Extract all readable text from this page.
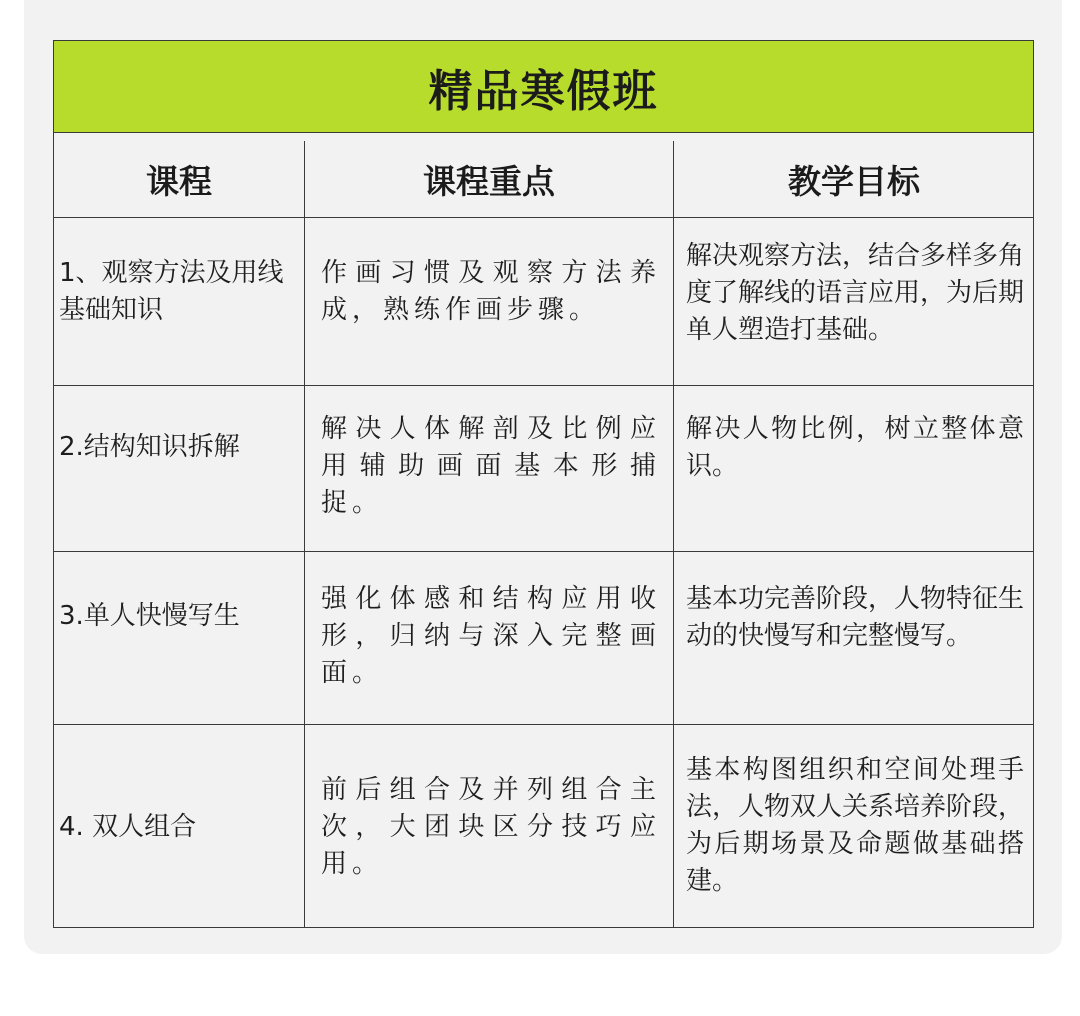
精品寒假班
课程	课程重点	教学目标
1、观察方法及用线基础知识
作画习惯及观察方法养成，熟练作画步骤。
解决观察方法，结合多样多角度了解线的语言应用，为后期单人塑造打基础。
2.结构知识拆解
解决人体解剖及比例应用辅助画面基本形捕捉。
解决人物比例，树立整体意识。
3.单人快慢写生
强化体感和结构应用收形，归纳与深入完整画面。
基本功完善阶段，人物特征生动的快慢写和完整慢写。
4. 双人组合
前后组合及并列组合主次，大团块区分技巧应用。
基本构图组织和空间处理手法，人物双人关系培养阶段，为后期场景及命题做基础搭建。
